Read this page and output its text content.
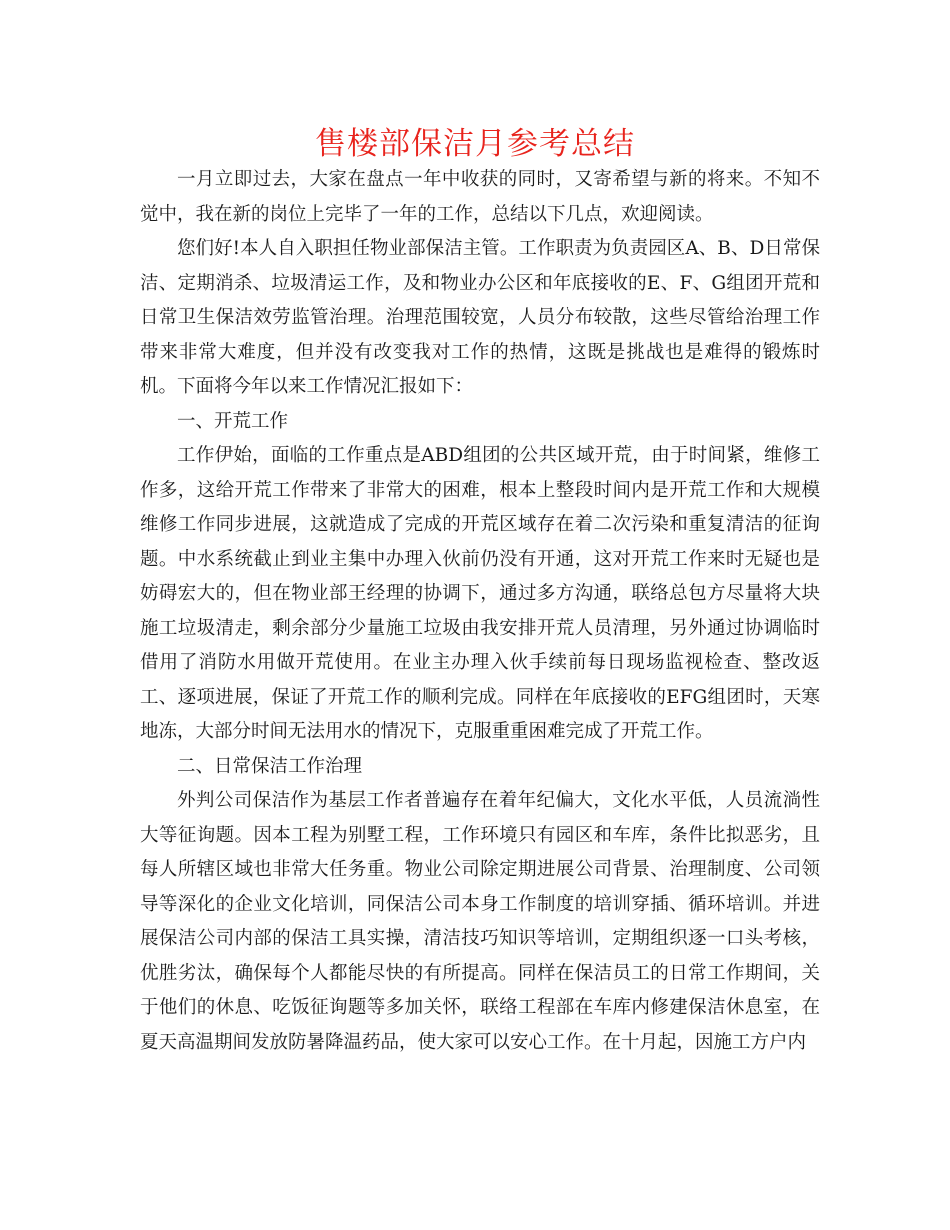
售楼部保洁月参考总结

一月立即过去，大家在盘点一年中收获的同时，又寄希望与新的将来。不知不觉中，我在新的岗位上完毕了一年的工作，总结以下几点，欢迎阅读。

您们好!本人自入职担任物业部保洁主管。工作职责为负责园区A、B、D日常保洁、定期消杀、垃圾清运工作，及和物业办公区和年底接收的E、F、G组团开荒和日常卫生保洁效劳监管治理。治理范围较宽，人员分布较散，这些尽管给治理工作带来非常大难度，但并没有改变我对工作的热情，这既是挑战也是难得的锻炼时机。下面将今年以来工作情况汇报如下：

一、开荒工作

工作伊始，面临的工作重点是ABD组团的公共区域开荒，由于时间紧，维修工作多，这给开荒工作带来了非常大的困难，根本上整段时间内是开荒工作和大规模维修工作同步进展，这就造成了完成的开荒区域存在着二次污染和重复清洁的征询题。中水系统截止到业主集中办理入伙前仍没有开通，这对开荒工作来时无疑也是妨碍宏大的，但在物业部王经理的协调下，通过多方沟通，联络总包方尽量将大块施工垃圾清走，剩余部分少量施工垃圾由我安排开荒人员清理，另外通过协调临时借用了消防水用做开荒使用。在业主办理入伙手续前每日现场监视检查、整改返工、逐项进展，保证了开荒工作的顺利完成。同样在年底接收的EFG组团时，天寒地冻，大部分时间无法用水的情况下，克服重重困难完成了开荒工作。

二、日常保洁工作治理

外判公司保洁作为基层工作者普遍存在着年纪偏大，文化水平低，人员流淌性大等征询题。因本工程为别墅工程，工作环境只有园区和车库，条件比拟恶劣，且每人所辖区域也非常大任务重。物业公司除定期进展公司背景、治理制度、公司领导等深化的企业文化培训，同保洁公司本身工作制度的培训穿插、循环培训。并进展保洁公司内部的保洁工具实操，清洁技巧知识等培训，定期组织逐一口头考核，优胜劣汰，确保每个人都能尽快的有所提高。同样在保洁员工的日常工作期间，关于他们的休息、吃饭征询题等多加关怀，联络工程部在车库内修建保洁休息室，在夏天高温期间发放防暑降温药品，使大家可以安心工作。在十月起，因施工方户内
